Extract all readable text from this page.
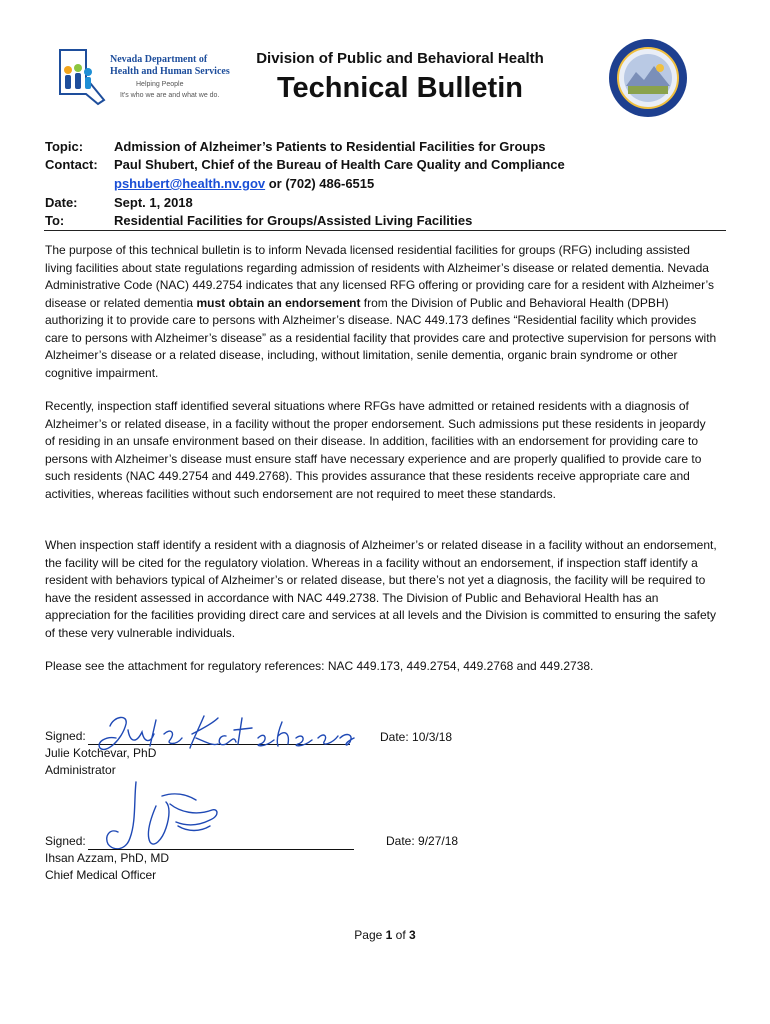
Nevada Department of
Health and Human Services
Helping People
It's who we are and what we do.
Division of Public and Behavioral Health
Technical Bulletin
Topic: Admission of Alzheimer’s Patients to Residential Facilities for Groups
Contact: Paul Shubert, Chief of the Bureau of Health Care Quality and Compliance
pshubert@health.nv.gov or (702) 486-6515
Date:	Sept. 1, 2018
To:	Residential Facilities for Groups/Assisted Living Facilities

The purpose of this technical bulletin is to inform Nevada licensed residential facilities for groups (RFG) including assisted living facilities about state regulations regarding admission of residents with Alzheimer’s disease or related dementia. Nevada Administrative Code (NAC) 449.2754 indicates that any licensed RFG offering or providing care for a resident with Alzheimer’s disease or related dementia must obtain an endorsement from the Division of Public and Behavioral Health (DPBH) authorizing it to provide care to persons with Alzheimer’s disease. NAC 449.173 defines “Residential facility which provides care to persons with Alzheimer’s disease” as a residential facility that provides care and protective supervision for persons with Alzheimer’s disease or a related disease, including, without limitation, senile dementia, organic brain syndrome or other cognitive impairment.

Recently, inspection staff identified several situations where RFGs have admitted or retained residents with a diagnosis of Alzheimer’s or related disease, in a facility without the proper endorsement. Such admissions put these residents in jeopardy of residing in an unsafe environment based on their disease. In addition, facilities with an endorsement for providing care to persons with Alzheimer’s disease must ensure staff have necessary experience and are properly qualified to provide care to such residents (NAC 449.2754 and 449.2768). This provides assurance that these residents receive appropriate care and activities, whereas facilities without such endorsement are not required to meet these standards.

When inspection staff identify a resident with a diagnosis of Alzheimer’s or related disease in a facility without an endorsement, the facility will be cited for the regulatory violation. Whereas in a facility without an endorsement, if inspection staff identify a resident with behaviors typical of Alzheimer’s or related disease, but there’s not yet a diagnosis, the facility will be required to have the resident assessed in accordance with NAC 449.2738. The Division of Public and Behavioral Health has an appreciation for the facilities providing direct care and services at all levels and the Division is committed to ensuring the safety of these very vulnerable individuals.

Please see the attachment for regulatory references: NAC 449.173, 449.2754, 449.2768 and 449.2738.

Signed:
Julie Kotchevar, PhD
Administrator
Date: 10/3/18
Signed:
Ihsan Azzam, PhD, MD
Chief Medical Officer
Date: 9/27/18
Page 1 of 3
